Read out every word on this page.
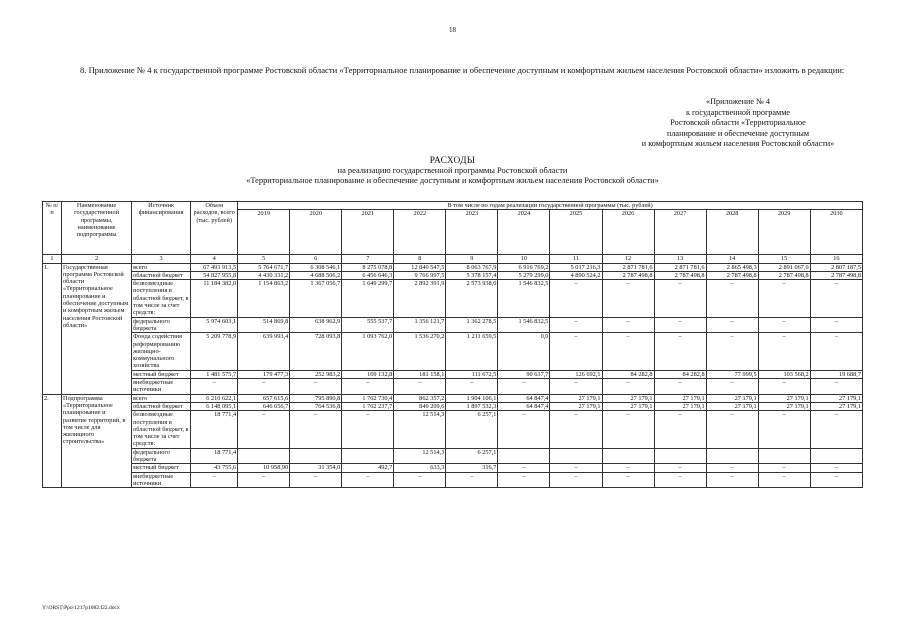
18
8. Приложение № 4 к государственной программе Ростовской области «Территориальное планирование и обеспечение доступным и комфортным жильем населения Ростовской области» изложить в редакции:
«Приложение № 4
к государственной программе
Ростовской области «Территориальное
планирование и обеспечение доступным
и комфортным жильем населения Ростовской области»
РАСХОДЫ
на реализацию государственной программы Ростовской области
«Территориальное планирование и обеспечение доступным и комфортным жильем населения Ростовской области»
№ п/п	Наименование государственной программы, наименование подпрограммы	Источник финансирования	Объем расходов, всего (тыс. рублей)	В том числе по годам реализации государственной программы (тыс. рублей)											
				2019	2020	2021	2022	2023	2024	2025	2026	2027	2028	2029	2030
1	2	3	4	5	6	7	8	9	10	11	12	13	14	15	16
1.	Государственная программа Ростовской области «Территориальное планирование и обеспечение доступным и комфортным жильем населения Ростовской области»	всего	67 493 913,5	5 764 671,7	6 308 546,1	8 275 078,8	12 840 547,5	8 063 767,9	6 916 769,2	5 017 216,3	2 871 781,6	2 871 781,6	2 865 498,3	2 891 067,0	2 807 187,5
		областной бюджет	54 827 955,8	4 430 331,2	4 688 506,2	6 456 646,3	9 766 997,5	5 378 157,4	5 279 299,0	4 890 524,2	2 787 498,8	2 787 498,8	2 787 498,8	2 787 498,8	2 787 498,8
		безвозмездные поступления в областной бюджет, в том числе за счет средств:	11 184 382,0	1 154 863,2	1 367 056,7	1 649 299,7	2 892 391,9	2 573 938,0	1 546 832,5	–	–	–	–	–	–
		федерального бюджета	5 974 603,1	514 869,8	638 962,9	555 537,7	1 356 121,7	1 362 278,5	1 546 832,5	–	–	–	–	–	–
		Фонда содействия реформированию жилищно-коммунального хозяйства	5 209 778,9	639 993,4	728 093,8	1 093 762,0	1 536 270,2	1 211 659,5	0,0	–	–	–	–	–	–
		местный бюджет	1 481 575,7	179 477,3	252 983,2	169 132,8	181 158,1	111 672,5	90 637,7	126 692,1	84 282,8	84 282,8	77 999,5	103 568,2	19 688,7
		внебюджетные источники	–	–	–	–	–	–	–	–	–	–	–	–	–
2.	Подпрограмма «Территориальное планирование и развитие территорий, в том числе для жилищного строительства»	всего	6 210 622,1	657 615,6	795 890,8	1 762 730,4	862 357,2	1 904 106,1	64 847,4	27 179,1	27 179,1	27 179,1	27 179,1	27 179,1	27 179,1
		областной бюджет	6 148 095,1	646 656,7	764 536,8	1 762 237,7	849 209,6	1 897 532,3	64 847,4	27 179,1	27 179,1	27 179,1	27 179,1	27 179,1	27 179,1
		безвозмездные поступления в областной бюджет, в том числе за счет средств:	18 771,4	–	–	–	12 514,3	6 257,1	–	–	–	–	–	–	–
		федерального бюджета	18 771,4				12 514,3	6 257,1							
		местный бюджет	43 755,6	10 958,90	31 354,0	492,7	633,3	316,7	–	–	–	–	–	–	–
		внебюджетные источники	–	–	–	–	–	–	–	–	–	–	–	–	–
Y:\ORST\Ppo\1217p1082.f22.docx
